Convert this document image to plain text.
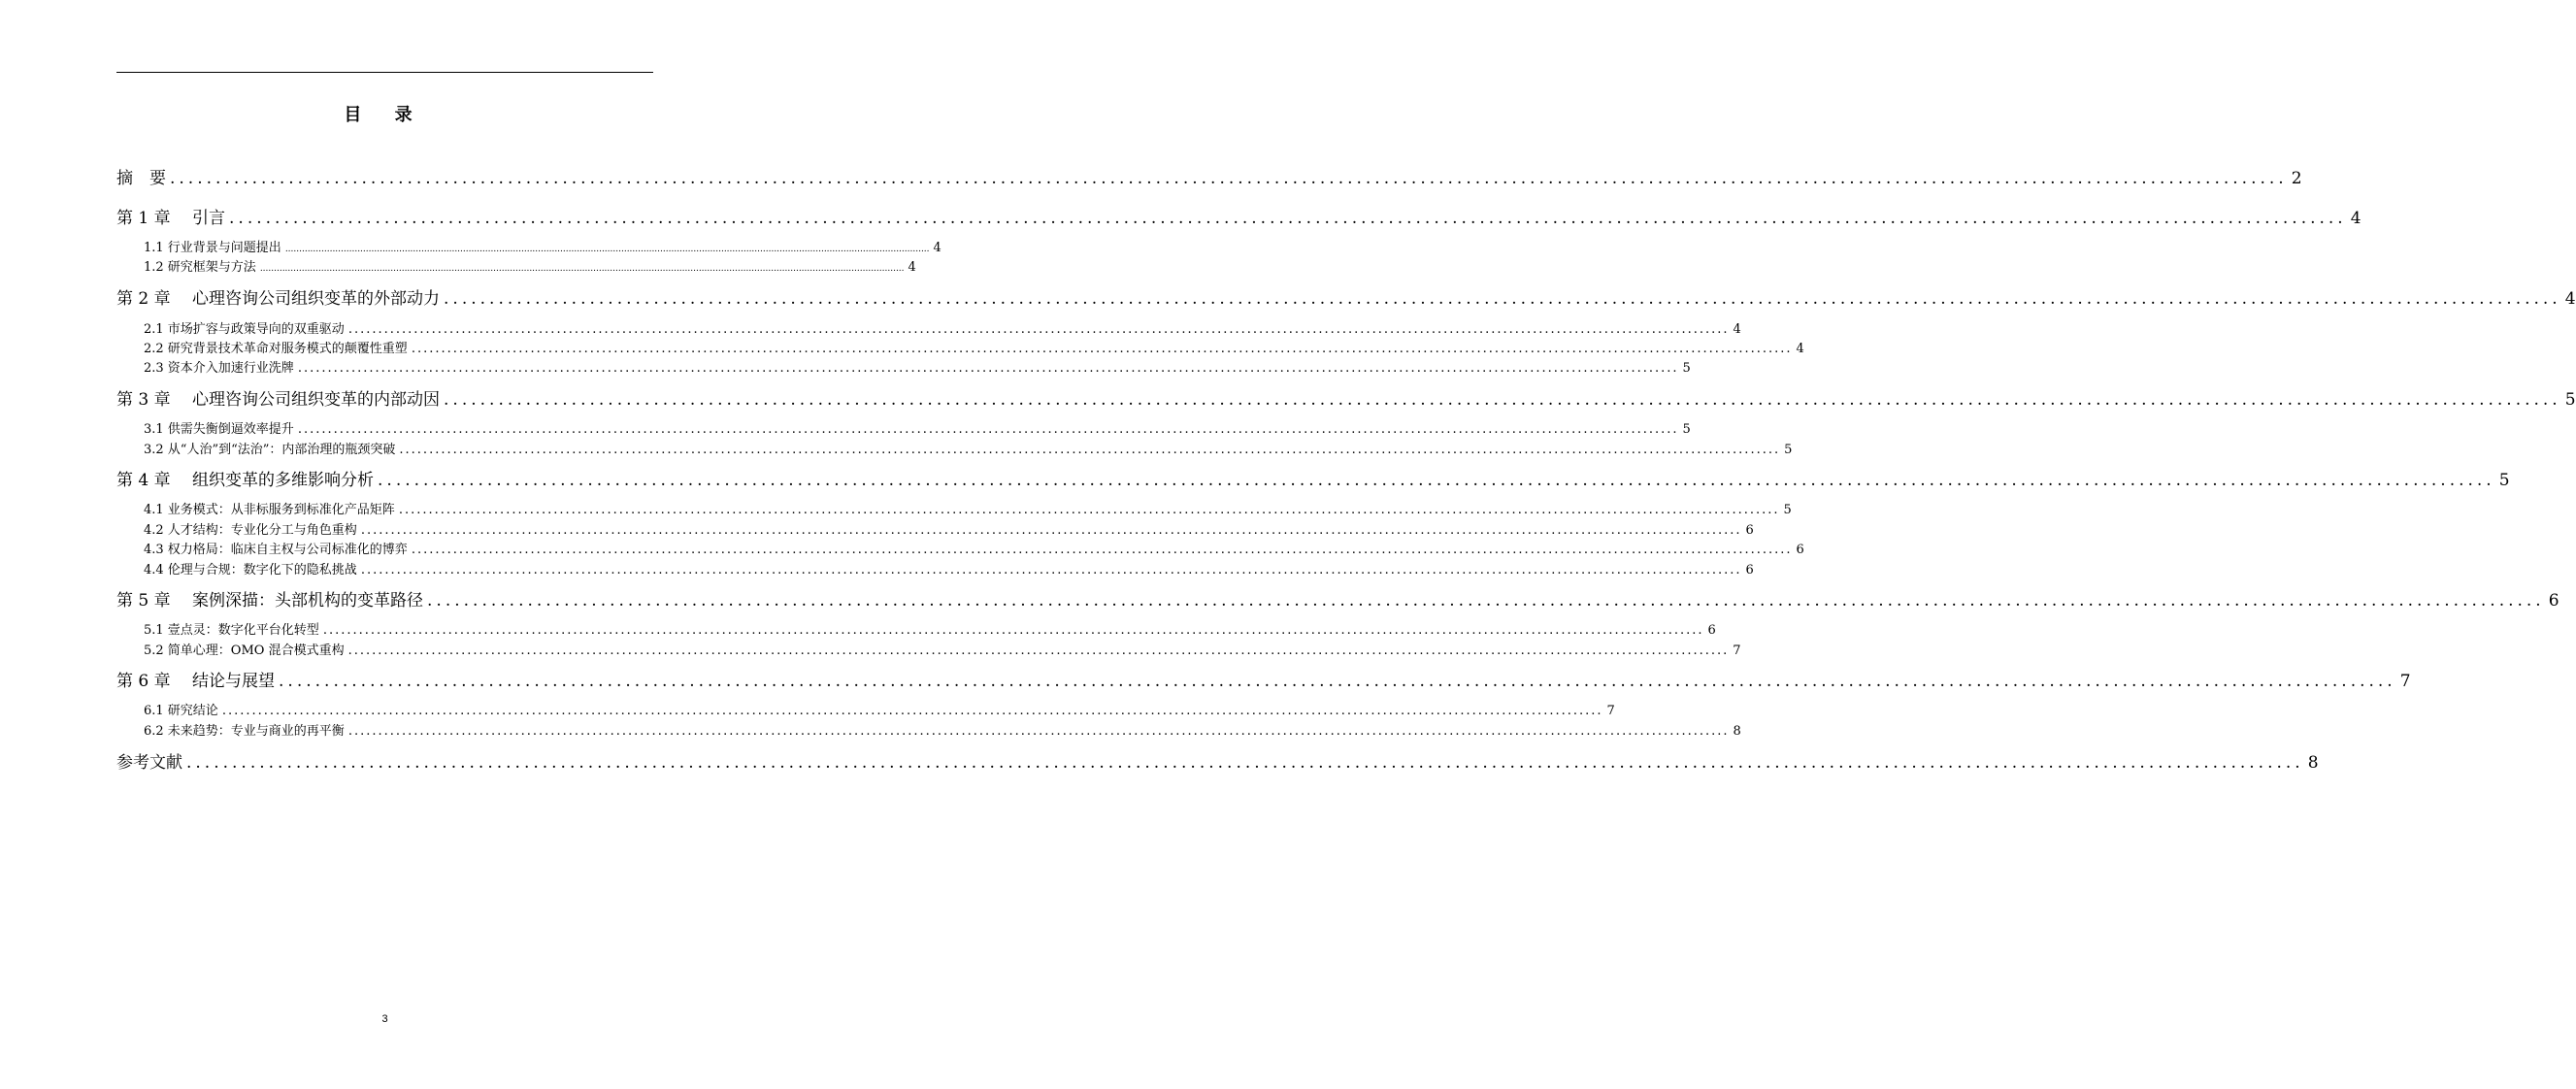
目 录
摘　要 ........................................................................................................................................................................................................................................ 2
第 1 章　 引言 ........................................................................................................................................................................................................................................ 4
1.1 行业背景与问题提出 ........................................................................................................................................................................................................................................ 4
1.2 研究框架与方法 ........................................................................................................................................................................................................................................ 4
第 2 章　 心理咨询公司组织变革的外部动力 ........................................................................................................................................................................................................................................ 4
2.1 市场扩容与政策导向的双重驱动 ........................................................................................................................................................................................................................................ 4
2.2 研究背景技术革命对服务模式的颠覆性重塑 ........................................................................................................................................................................................................................................ 4
2.3 资本介入加速行业洗牌 ........................................................................................................................................................................................................................................ 5
第 3 章　 心理咨询公司组织变革的内部动因 ........................................................................................................................................................................................................................................ 5
3.1 供需失衡倒逼效率提升 ........................................................................................................................................................................................................................................ 5
3.2 从“人治”到“法治”：内部治理的瓶颈突破 ........................................................................................................................................................................................................................................ 5
第 4 章　 组织变革的多维影响分析 ........................................................................................................................................................................................................................................ 5
4.1 业务模式：从非标服务到标准化产品矩阵 ........................................................................................................................................................................................................................................ 5
4.2 人才结构：专业化分工与角色重构 ........................................................................................................................................................................................................................................ 6
4.3 权力格局：临床自主权与公司标准化的博弈 ........................................................................................................................................................................................................................................ 6
4.4 伦理与合规：数字化下的隐私挑战 ........................................................................................................................................................................................................................................ 6
第 5 章　 案例深描：头部机构的变革路径 ........................................................................................................................................................................................................................................ 6
5.1 壹点灵：数字化平台化转型 ........................................................................................................................................................................................................................................ 6
5.2 简单心理：OMO 混合模式重构 ........................................................................................................................................................................................................................................ 7
第 6 章　 结论与展望 ........................................................................................................................................................................................................................................ 7
6.1 研究结论 ........................................................................................................................................................................................................................................ 7
6.2 未来趋势：专业与商业的再平衡 ........................................................................................................................................................................................................................................ 8
参考文献 ........................................................................................................................................................................................................................................ 8
3
